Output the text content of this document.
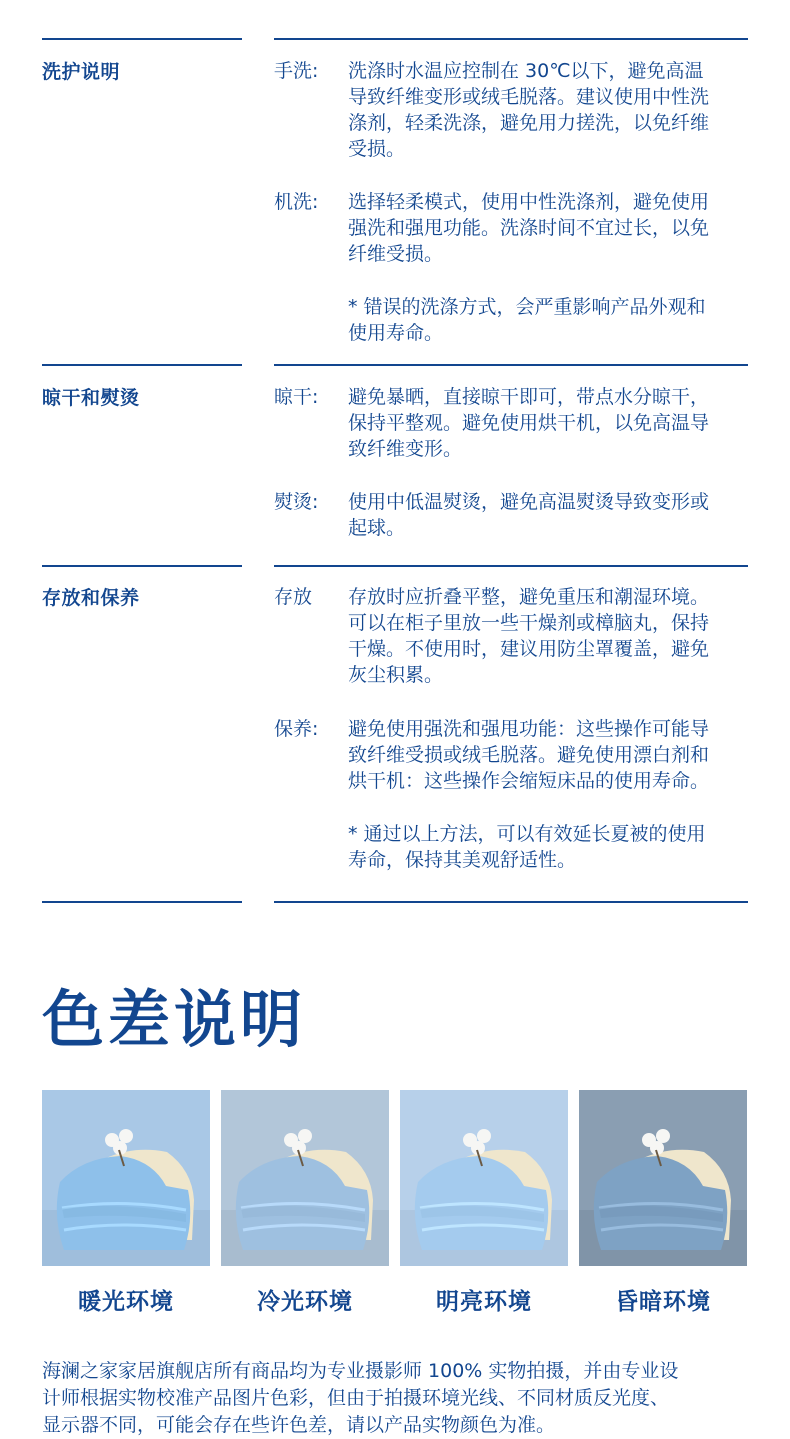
洗护说明	手洗:	洗涤时水温应控制在 30℃以下，避免高温
导致纤维变形或绒毛脱落。建议使用中性洗
涤剂，轻柔洗涤，避免用力搓洗，以免纤维
受损。
机洗:	选择轻柔模式，使用中性洗涤剂，避免使用
强洗和强甩功能。洗涤时间不宜过长，以免
纤维受损。
* 错误的洗涤方式，会严重影响产品外观和
使用寿命。
晾干和熨烫	晾干:	避免暴晒，直接晾干即可，带点水分晾干，
保持平整观。避免使用烘干机，以免高温导
致纤维变形。
熨烫:	使用中低温熨烫，避免高温熨烫导致变形或
起球。
存放和保养	存放	存放时应折叠平整，避免重压和潮湿环境。
可以在柜子里放一些干燥剂或樟脑丸，保持
干燥。不使用时，建议用防尘罩覆盖，避免
灰尘积累。
保养:	避免使用强洗和强甩功能：这些操作可能导
致纤维受损或绒毛脱落。避免使用漂白剂和
烘干机：这些操作会缩短床品的使用寿命。
* 通过以上方法，可以有效延长夏被的使用
寿命，保持其美观舒适性。
色差说明
暖光环境	冷光环境	明亮环境	昏暗环境
海澜之家家居旗舰店所有商品均为专业摄影师 100% 实物拍摄，并由专业设
计师根据实物校准产品图片色彩，但由于拍摄环境光线、不同材质反光度、
显示器不同，可能会存在些许色差，请以产品实物颜色为准。
